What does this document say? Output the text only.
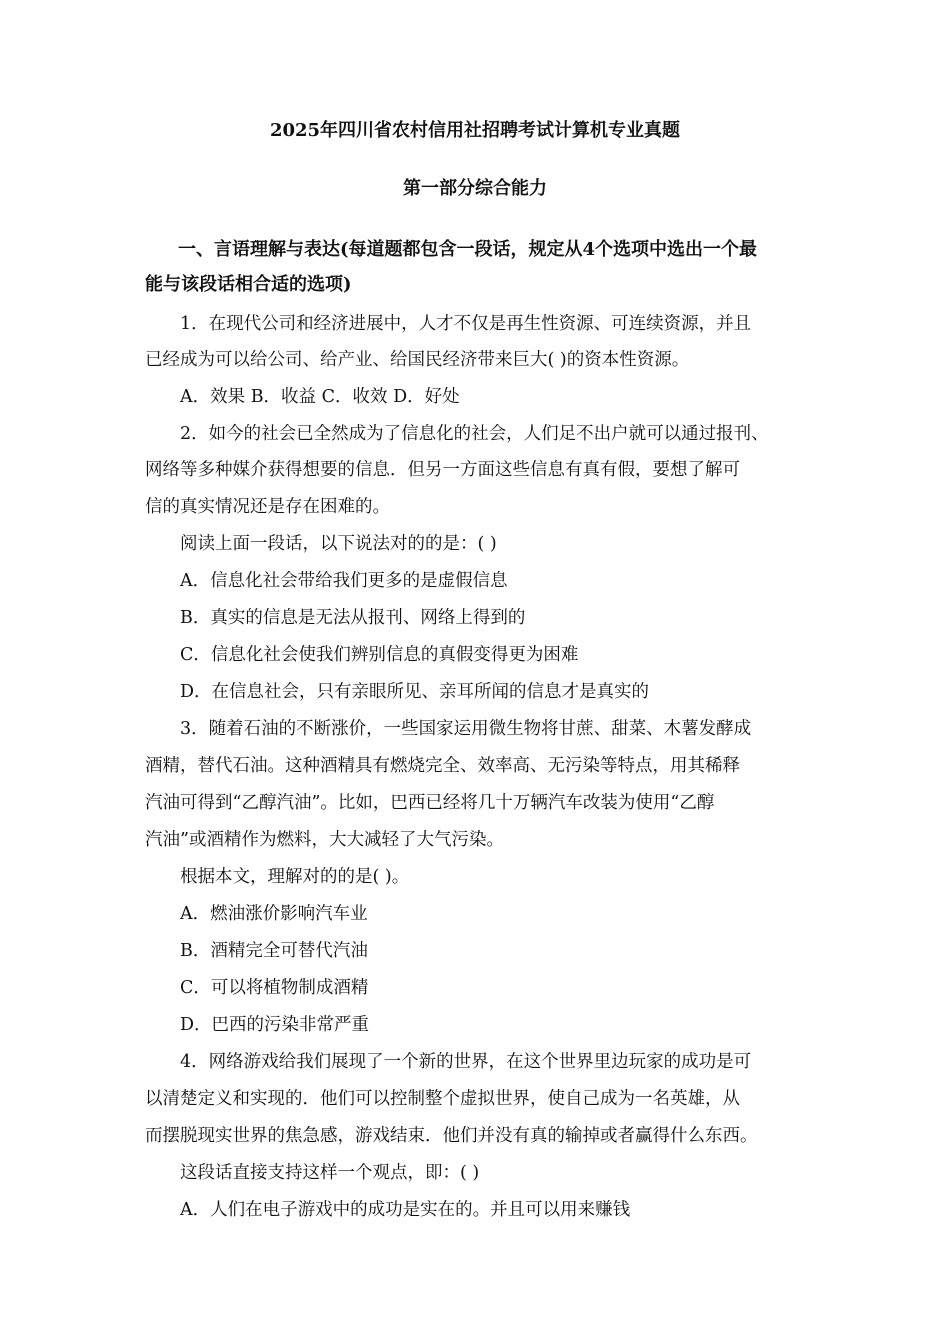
2025年四川省农村信用社招聘考试计算机专业真题
第一部分综合能力
一、言语理解与表达(每道题都包含一段话，规定从4个选项中选出一个最
能与该段话相合适的选项)
1．在现代公司和经济进展中，人才不仅是再生性资源、可连续资源，并且
已经成为可以给公司、给产业、给国民经济带来巨大( )的资本性资源。
A．效果 B．收益 C．收效 D．好处
2．如今的社会已全然成为了信息化的社会，人们足不出户就可以通过报刊、
网络等多种媒介获得想要的信息．但另一方面这些信息有真有假，要想了解可
信的真实情况还是存在困难的。
阅读上面一段话，以下说法对的的是：( )
A．信息化社会带给我们更多的是虚假信息
B．真实的信息是无法从报刊、网络上得到的
C．信息化社会使我们辨别信息的真假变得更为困难
D．在信息社会，只有亲眼所见、亲耳所闻的信息才是真实的
3．随着石油的不断涨价，一些国家运用微生物将甘蔗、甜菜、木薯发酵成
酒精，替代石油。这种酒精具有燃烧完全、效率高、无污染等特点，用其稀释
汽油可得到“乙醇汽油”。比如，巴西已经将几十万辆汽车改装为使用“乙醇
汽油”或酒精作为燃料，大大减轻了大气污染。
根据本文，理解对的的是( )。
A．燃油涨价影响汽车业
B．酒精完全可替代汽油
C．可以将植物制成酒精
D．巴西的污染非常严重
4．网络游戏给我们展现了一个新的世界，在这个世界里边玩家的成功是可
以清楚定义和实现的．他们可以控制整个虚拟世界，使自己成为一名英雄，从
而摆脱现实世界的焦急感，游戏结束．他们并没有真的输掉或者赢得什么东西。
这段话直接支持这样一个观点，即：( )
A．人们在电子游戏中的成功是实在的。并且可以用来赚钱
